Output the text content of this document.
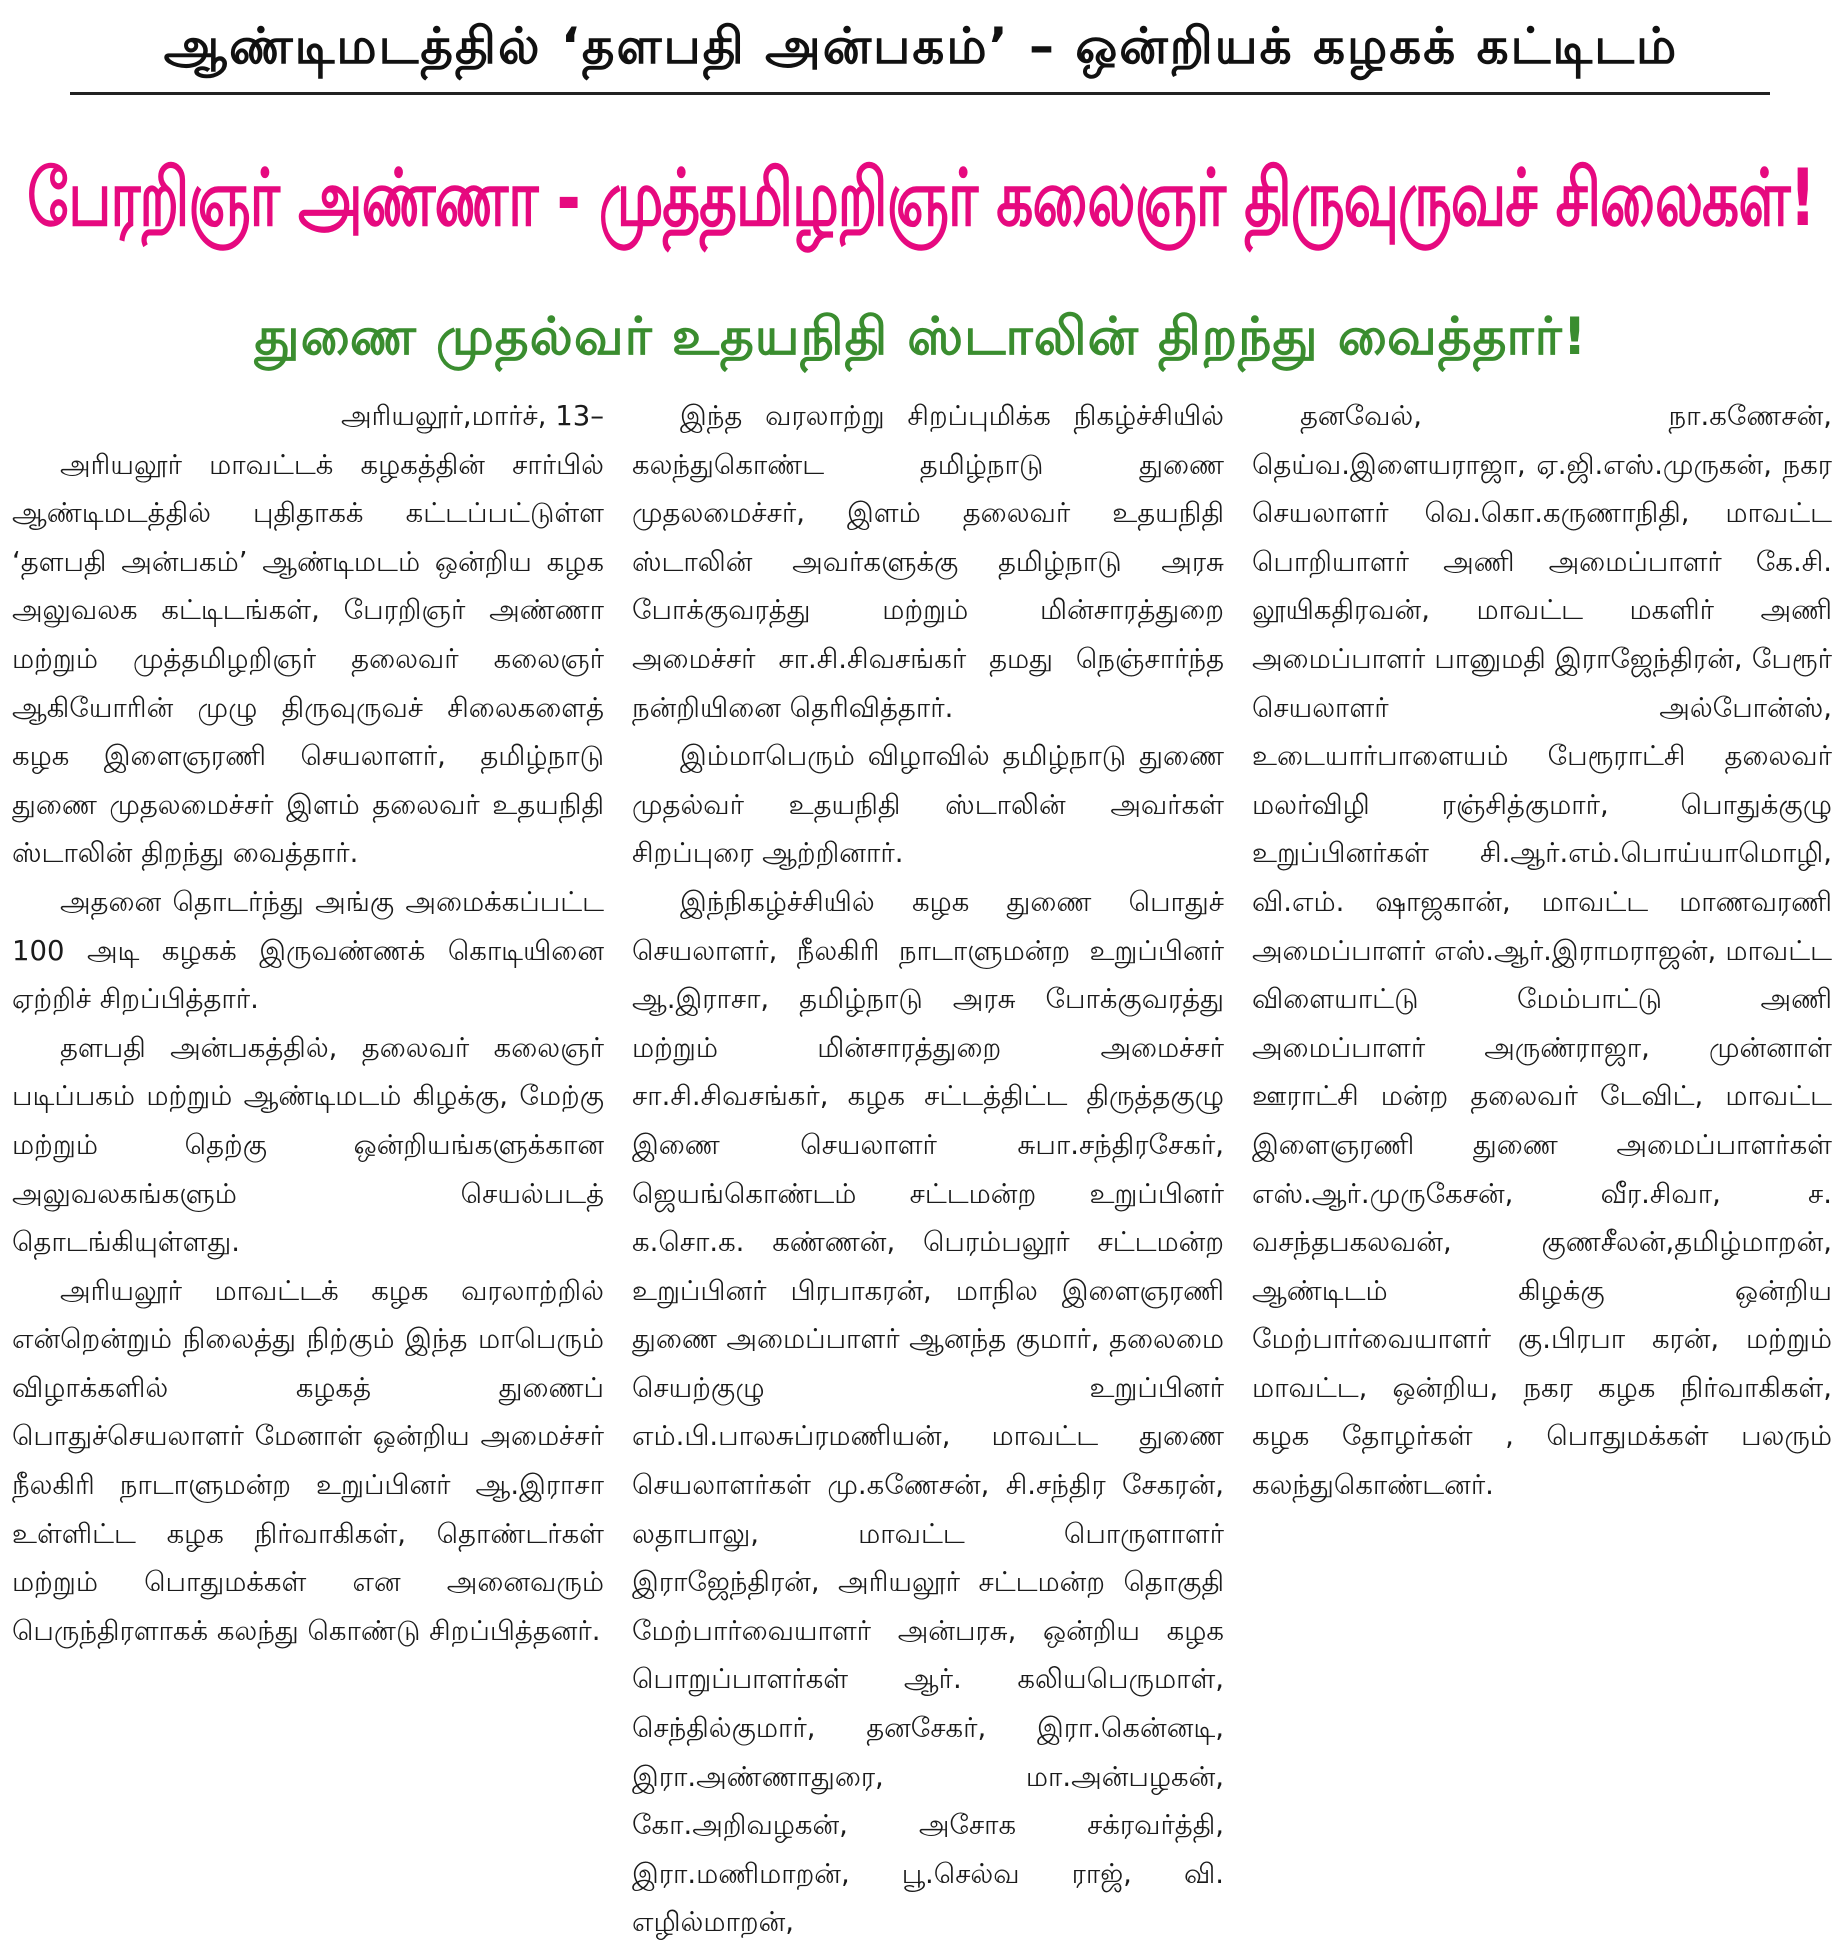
ஆண்டிமடத்தில் ‘தளபதி அன்பகம்’ – ஒன்றியக் கழகக் கட்டிடம்
பேரறிஞர் அண்ணா - முத்தமிழறிஞர் கலைஞர் திருவுருவச் சிலைகள்!
துணை முதல்வர் உதயநிதி ஸ்டாலின் திறந்து வைத்தார்!

அரியலூர்,மார்ச், 13–

அரியலூர் மாவட்டக் கழகத்தின் சார்பில் ஆண்டிமடத்தில் புதிதாகக் கட்டப்பட்டுள்ள ‘தளபதி அன்பகம்’ ஆண்டிமடம் ஒன்றிய கழக அலுவலக கட்டிடங்கள், பேரறிஞர் அண்ணா மற்றும் முத்தமிழறிஞர் தலைவர் கலைஞர் ஆகியோரின் முழு திருவுருவச் சிலைகளைத் கழக இளைஞரணி செயலாளர், தமிழ்நாடு துணை முதலமைச்சர் இளம் தலைவர் உதயநிதி ஸ்டாலின் திறந்து வைத்தார்.

அதனை தொடர்ந்து அங்கு அமைக்கப்பட்ட 100 அடி கழகக் இருவண்ணக் கொடியினை ஏற்றிச் சிறப்பித்தார்.

தளபதி அன்பகத்தில், தலைவர் கலைஞர் படிப்பகம் மற்றும் ஆண்டிமடம் கிழக்கு, மேற்கு மற்றும் தெற்கு ஒன்றியங்களுக்கான அலுவலகங்களும் செயல்படத் தொடங்கியுள்ளது.

அரியலூர் மாவட்டக் கழக வரலாற்றில் என்றென்றும் நிலைத்து நிற்கும் இந்த மாபெரும் விழாக்களில் கழகத் துணைப் பொதுச்செயலாளர் மேனாள் ஒன்றிய அமைச்சர் நீலகிரி நாடாளுமன்ற உறுப்பினர் ஆ.இராசா உள்ளிட்ட கழக நிர்வாகிகள், தொண்டர்கள் மற்றும் பொதுமக்கள் என அனைவரும் பெருந்திரளாகக் கலந்து கொண்டு சிறப்பித்தனர்.

இந்த வரலாற்று சிறப்புமிக்க நிகழ்ச்சியில் கலந்துகொண்ட தமிழ்நாடு துணை முதலமைச்சர், இளம் தலைவர் உதயநிதி ஸ்டாலின் அவர்களுக்கு தமிழ்நாடு அரசு போக்குவரத்து மற்றும் மின்சாரத்துறை அமைச்சர் சா.சி.சிவசங்கர் தமது நெஞ்சார்ந்த நன்றியினை தெரிவித்தார்.

இம்மாபெரும் விழாவில் தமிழ்நாடு துணை முதல்வர் உதயநிதி ஸ்டாலின் அவர்கள் சிறப்புரை ஆற்றினார்.

இந்நிகழ்ச்சியில் கழக துணை பொதுச் செயலாளர், நீலகிரி நாடாளுமன்ற உறுப்பினர் ஆ.இராசா, தமிழ்நாடு அரசு போக்குவரத்து மற்றும் மின்சாரத்துறை அமைச்சர் சா.சி.சிவசங்கர், கழக சட்டத்திட்ட திருத்தகுழு இணை செயலாளர் சுபா.சந்திரசேகர், ஜெயங்கொண்டம் சட்டமன்ற உறுப்பினர் க.சொ.க. கண்ணன், பெரம்பலூர் சட்டமன்ற உறுப்பினர் பிரபாகரன், மாநில இளைஞரணி துணை அமைப்பாளர் ஆனந்த குமார், தலைமை செயற்குழு உறுப்பினர் எம்.பி.பாலசுப்ரமணியன், மாவட்ட துணை செயலாளர்கள் மு.கணேசன், சி.சந்திர சேகரன், லதாபாலு, மாவட்ட பொருளாளர் இராஜேந்திரன், அரியலூர் சட்டமன்ற தொகுதி மேற்பார்வையாளர் அன்பரசு, ஒன்றிய கழக பொறுப்பாளர்கள் ஆர். கலியபெருமாள், செந்தில்குமார், தனசேகர், இரா.கென்னடி, இரா.அண்ணாதுரை, மா.அன்பழகன், கோ.அறிவழகன், அசோக சக்ரவர்த்தி, இரா.மணிமாறன், பூ.செல்வ ராஜ், வி. எழில்மாறன்,

தனவேல், நா.கணேசன், தெய்வ.இளையராஜா, ஏ.ஜி.எஸ்.முருகன், நகர செயலாளர் வெ.கொ.கருணாநிதி, மாவட்ட பொறியாளர் அணி அமைப்பாளர் கே.சி. லூயிகதிரவன், மாவட்ட மகளிர் அணி அமைப்பாளர் பானுமதி இராஜேந்திரன், பேரூர் செயலாளர் அல்போன்ஸ், உடையார்பாளையம் பேரூராட்சி தலைவர் மலர்விழி ரஞ்சித்குமார், பொதுக்குழு உறுப்பினர்கள் சி.ஆர்.எம்.பொய்யாமொழி, வி.எம். ஷாஜகான், மாவட்ட மாணவரணி அமைப்பாளர் எஸ்.ஆர்.இராமராஜன், மாவட்ட விளையாட்டு மேம்பாட்டு அணி அமைப்பாளர் அருண்ராஜா, முன்னாள் ஊராட்சி மன்ற தலைவர் டேவிட், மாவட்ட இளைஞரணி துணை அமைப்பாளர்கள் எஸ்.ஆர்.முருகேசன், வீர.சிவா, ச. வசந்தபகலவன், குணசீலன்,தமிழ்மாறன், ஆண்டிடம் கிழக்கு ஒன்றிய மேற்பார்வையாளர் கு.பிரபா கரன், மற்றும் மாவட்ட, ஒன்றிய, நகர கழக நிர்வாகிகள், கழக தோழர்கள் , பொதுமக்கள் பலரும் கலந்துகொண்டனர்.
